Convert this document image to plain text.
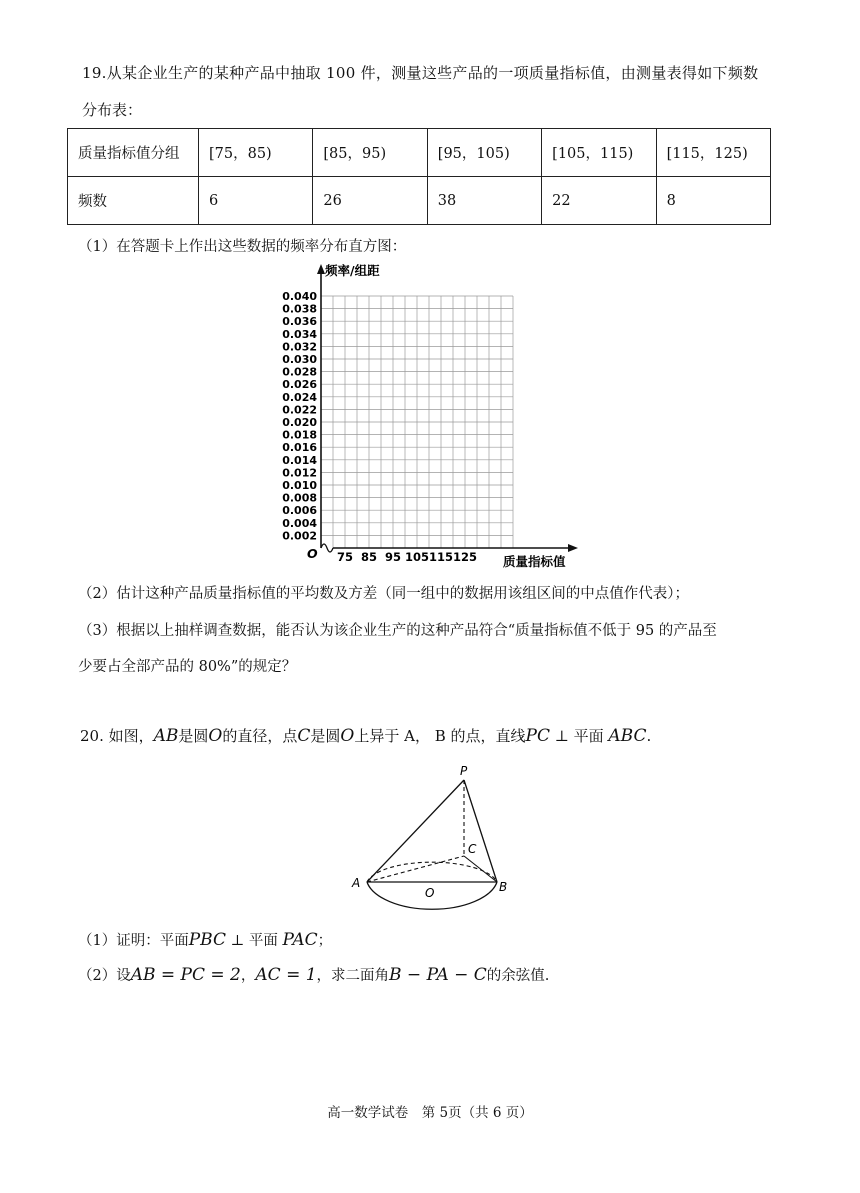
19.从某企业生产的某种产品中抽取 100 件，测量这些产品的一项质量指标值，由测量表得如下频数
分布表：
质量指标值分组	[75，85)	[85，95)	[95，105)	[105，115)	[115，125)
频数	6	26	38	22	8
（1）在答题卡上作出这些数据的频率分布直方图：
0.002
0.004
0.006
0.008
0.010
0.012
0.014
0.016
0.018
0.020
0.022
0.024
0.026
0.028
0.030
0.032
0.034
0.036
0.038
0.040
75 85 95 105 115 125
频率/组距
质量指标值
O
（2）估计这种产品质量指标值的平均数及方差（同一组中的数据用该组区间的中点值作代表）；
（3）根据以上抽样调查数据，能否认为该企业生产的这种产品符合“质量指标值不低于 95 的产品至
少要占全部产品的 80%”的规定？
20. 如图，AB是圆O的直径，点C是圆O上异于 A， B 的点，直线PC ⊥ 平面 ABC.
P
C
A
O	B
（1）证明：平面PBC ⊥ 平面 PAC；
（2）设AB = PC = 2，AC = 1，求二面角B − PA − C的余弦值.
高一数学试卷　第 5页（共 6 页）
